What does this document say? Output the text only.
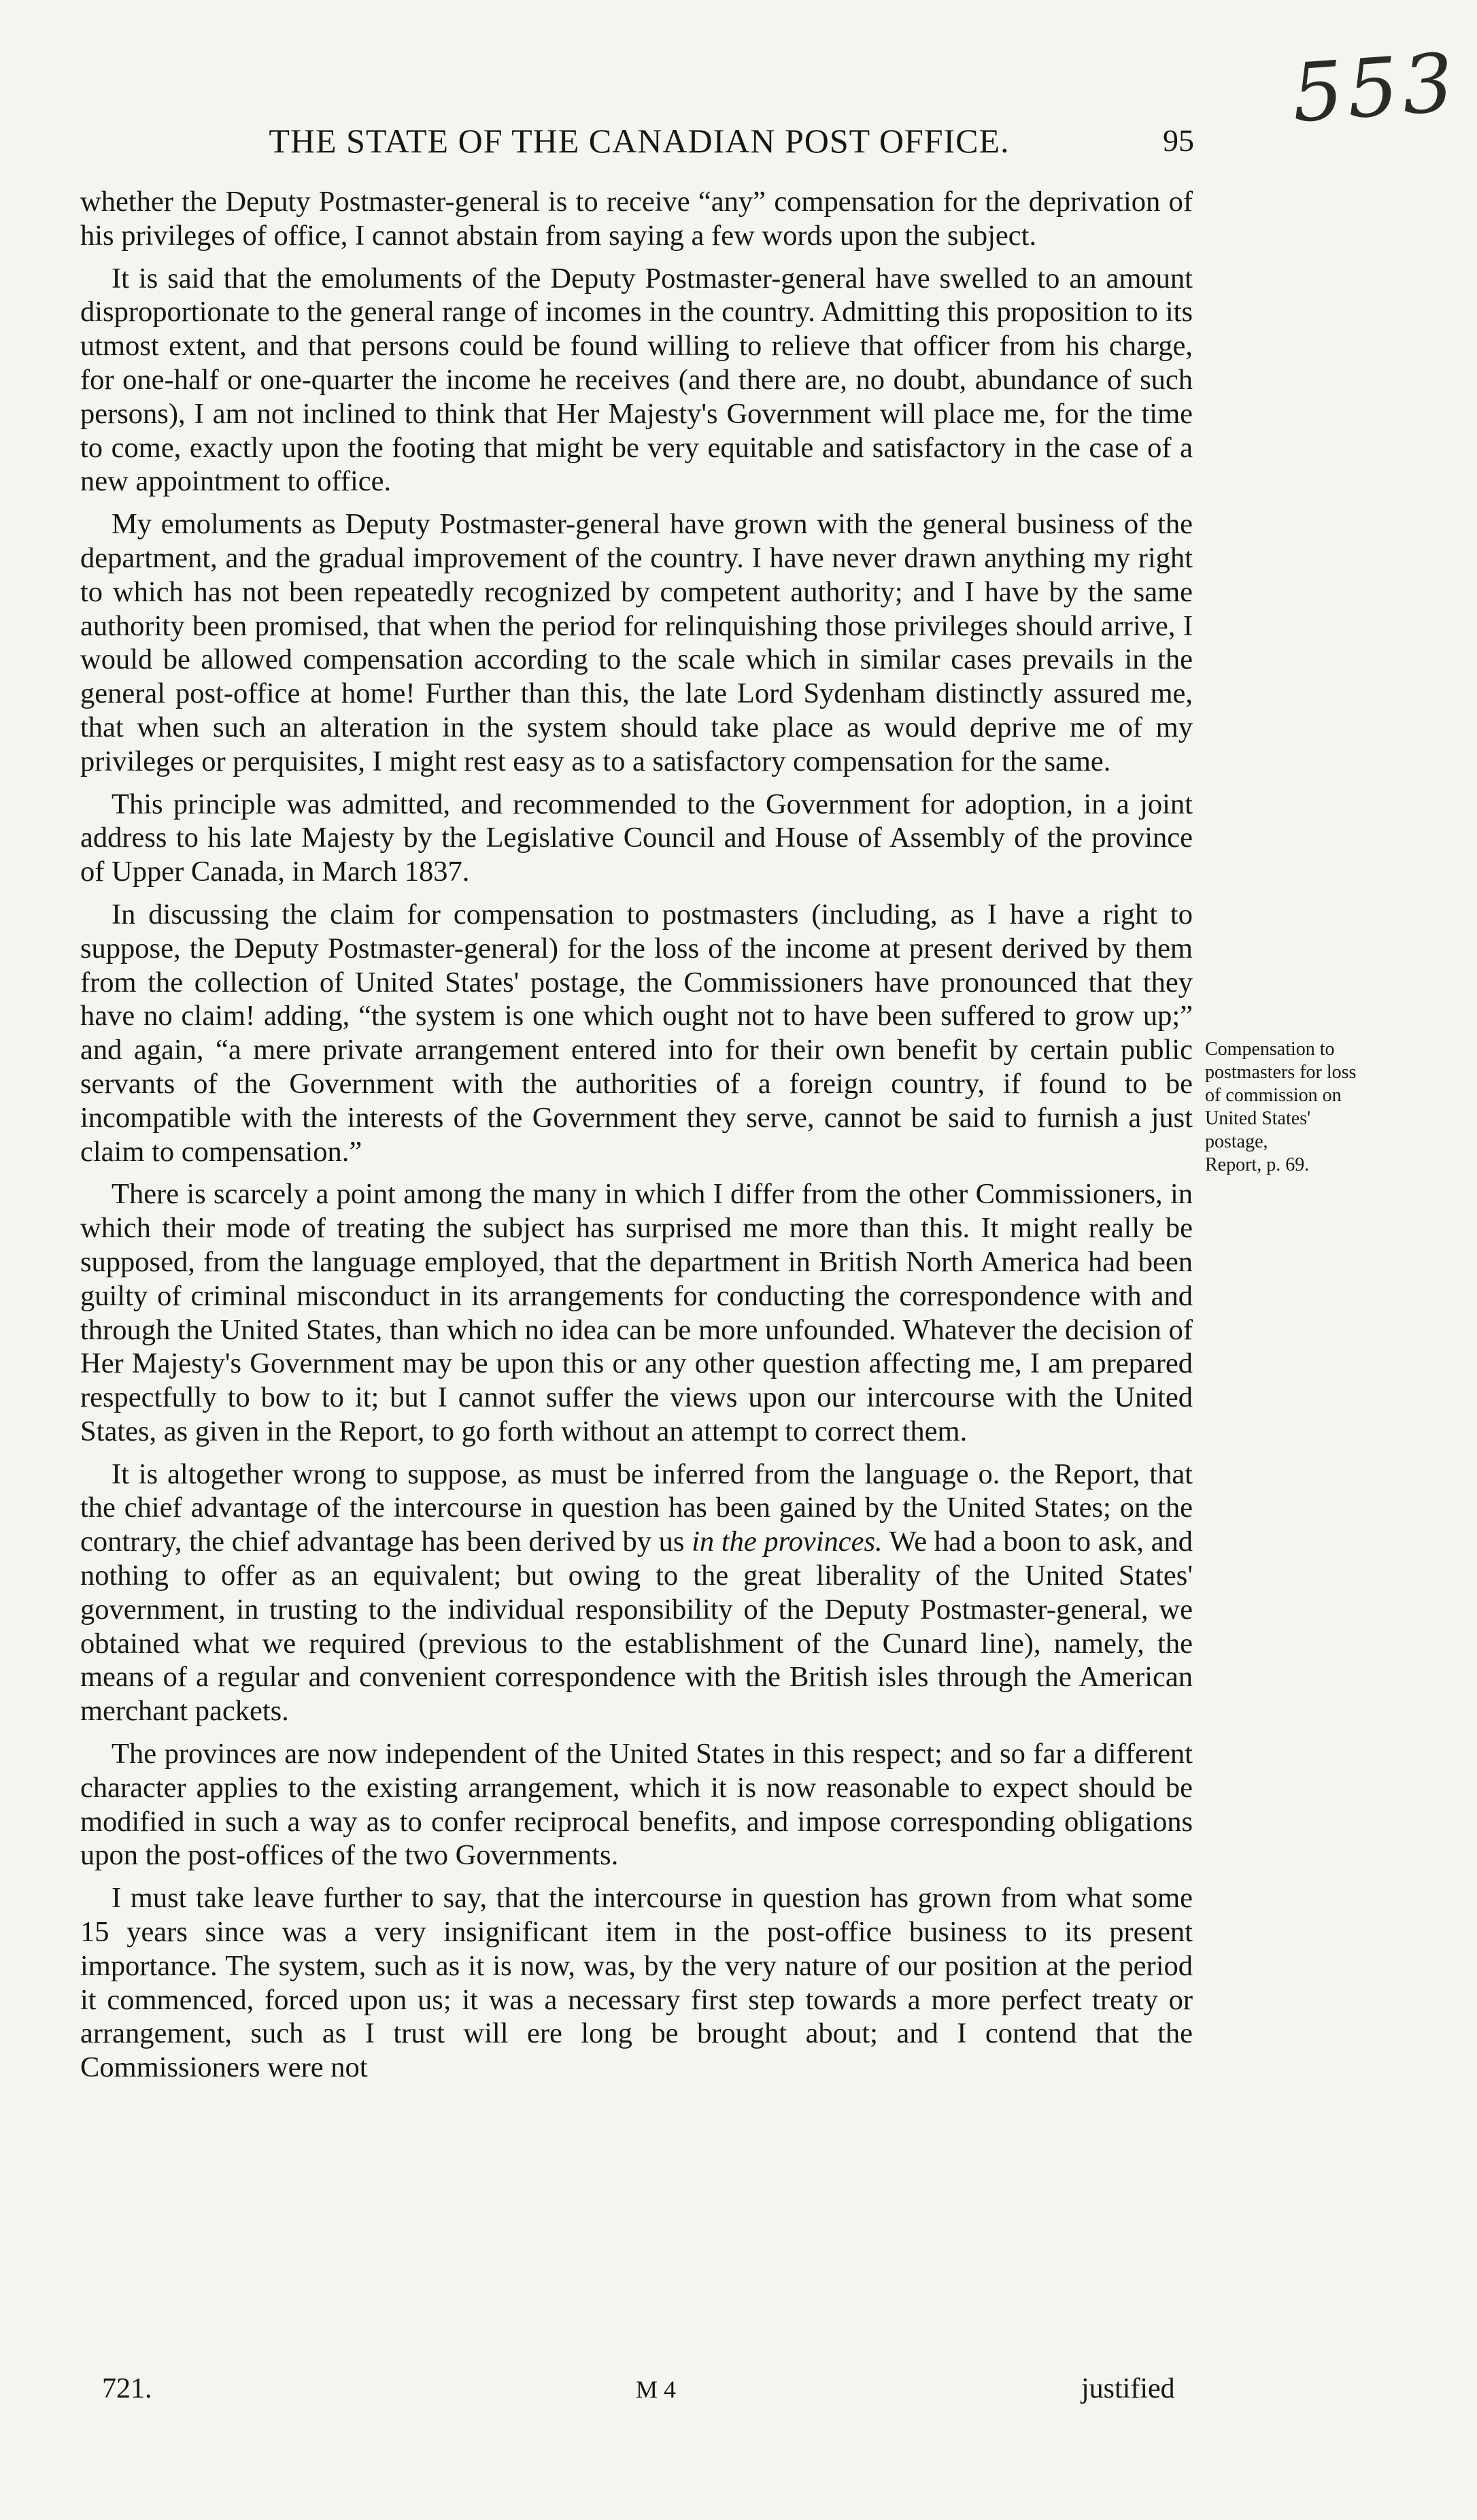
553
THE STATE OF THE CANADIAN POST OFFICE.	95

whether the Deputy Postmaster-general is to receive “any” compensation for the deprivation of his privileges of office, I cannot abstain from saying a few words upon the subject.

It is said that the emoluments of the Deputy Postmaster-general have swelled to an amount disproportionate to the general range of incomes in the country. Admitting this proposition to its utmost extent, and that persons could be found willing to relieve that officer from his charge, for one-half or one-quarter the income he receives (and there are, no doubt, abundance of such persons), I am not inclined to think that Her Majesty's Government will place me, for the time to come, exactly upon the footing that might be very equitable and satisfactory in the case of a new appointment to office.

My emoluments as Deputy Postmaster-general have grown with the general business of the department, and the gradual improvement of the country. I have never drawn anything my right to which has not been repeatedly recognized by competent authority; and I have by the same authority been promised, that when the period for relinquishing those privileges should arrive, I would be allowed compensation according to the scale which in similar cases prevails in the general post-office at home! Further than this, the late Lord Sydenham distinctly assured me, that when such an alteration in the system should take place as would deprive me of my privileges or perquisites, I might rest easy as to a satisfactory compensation for the same.

This principle was admitted, and recommended to the Government for adoption, in a joint address to his late Majesty by the Legislative Council and House of Assembly of the province of Upper Canada, in March 1837.

In discussing the claim for compensation to postmasters (including, as I have a right to suppose, the Deputy Postmaster-general) for the loss of the income at present derived by them from the collection of United States' postage, the Commissioners have pronounced that they have no claim! adding, “the system is one which ought not to have been suffered to grow up;” and again, “a mere private arrangement entered into for their own benefit by certain public servants of the Government with the authorities of a foreign country, if found to be incompatible with the interests of the Government they serve, cannot be said to furnish a just claim to compensation.”

There is scarcely a point among the many in which I differ from the other Commissioners, in which their mode of treating the subject has surprised me more than this. It might really be supposed, from the language employed, that the department in British North America had been guilty of criminal misconduct in its arrangements for conducting the correspondence with and through the United States, than which no idea can be more unfounded. Whatever the decision of Her Majesty's Government may be upon this or any other question affecting me, I am prepared respectfully to bow to it; but I cannot suffer the views upon our intercourse with the United States, as given in the Report, to go forth without an attempt to correct them.

It is altogether wrong to suppose, as must be inferred from the language o. the Report, that the chief advantage of the intercourse in question has been gained by the United States; on the contrary, the chief advantage has been derived by us in the provinces. We had a boon to ask, and nothing to offer as an equivalent; but owing to the great liberality of the United States' government, in trusting to the individual responsibility of the Deputy Postmaster-general, we obtained what we required (previous to the establishment of the Cunard line), namely, the means of a regular and convenient correspondence with the British isles through the American merchant packets.

The provinces are now independent of the United States in this respect; and so far a different character applies to the existing arrangement, which it is now reasonable to expect should be modified in such a way as to confer reciprocal benefits, and impose corresponding obligations upon the post-offices of the two Governments.

I must take leave further to say, that the intercourse in question has grown from what some 15 years since was a very insignificant item in the post-office business to its present importance. The system, such as it is now, was, by the very nature of our position at the period it commenced, forced upon us; it was a necessary first step towards a more perfect treaty or arrangement, such as I trust will ere long be brought about; and I contend that the Commissioners were not

Compensation to
postmasters for loss
of commission on
United States'
postage,
Report, p. 69.
721.	M 4	justified
